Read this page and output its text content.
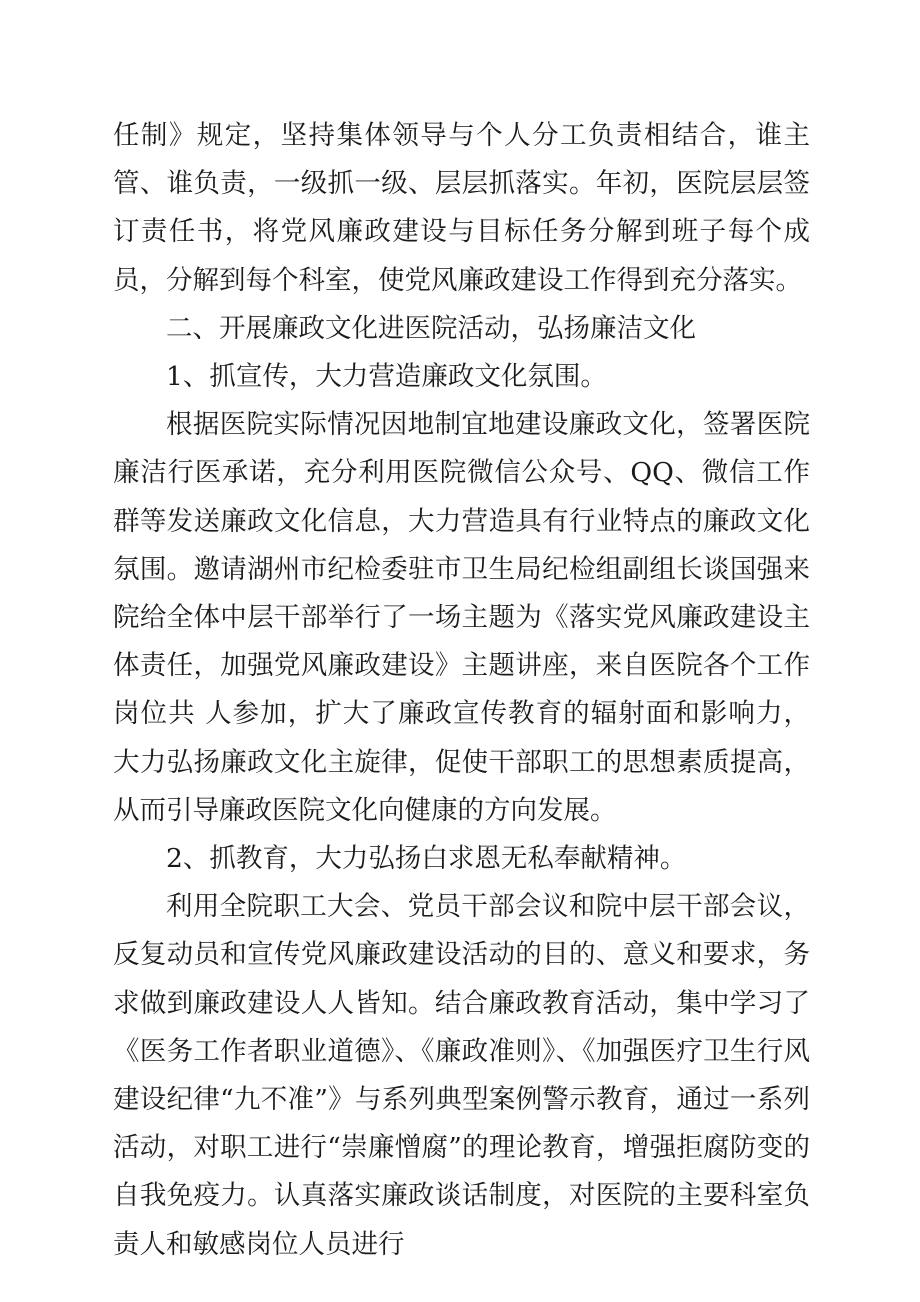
任制》规定，坚持集体领导与个人分工负责相结合，谁主管、谁负责，一级抓一级、层层抓落实。年初，医院层层签订责任书，将党风廉政建设与目标任务分解到班子每个成员，分解到每个科室，使党风廉政建设工作得到充分落实。

二、开展廉政文化进医院活动，弘扬廉洁文化

1、抓宣传，大力营造廉政文化氛围。

根据医院实际情况因地制宜地建设廉政文化，签署医院廉洁行医承诺，充分利用医院微信公众号、QQ、微信工作群等发送廉政文化信息，大力营造具有行业特点的廉政文化氛围。邀请湖州市纪检委驻市卫生局纪检组副组长谈国强来院给全体中层干部举行了一场主题为《落实党风廉政建设主体责任，加强党风廉政建设》主题讲座，来自医院各个工作岗位共 人参加，扩大了廉政宣传教育的辐射面和影响力，大力弘扬廉政文化主旋律，促使干部职工的思想素质提高，从而引导廉政医院文化向健康的方向发展。

2、抓教育，大力弘扬白求恩无私奉献精神。

利用全院职工大会、党员干部会议和院中层干部会议，反复动员和宣传党风廉政建设活动的目的、意义和要求，务求做到廉政建设人人皆知。结合廉政教育活动，集中学习了《医务工作者职业道德》、《廉政准则》、《加强医疗卫生行风建设纪律“九不准”》与系列典型案例警示教育，通过一系列活动，对职工进行“崇廉憎腐”的理论教育，增强拒腐防变的自我免疫力。认真落实廉政谈话制度，对医院的主要科室负责人和敏感岗位人员进行
